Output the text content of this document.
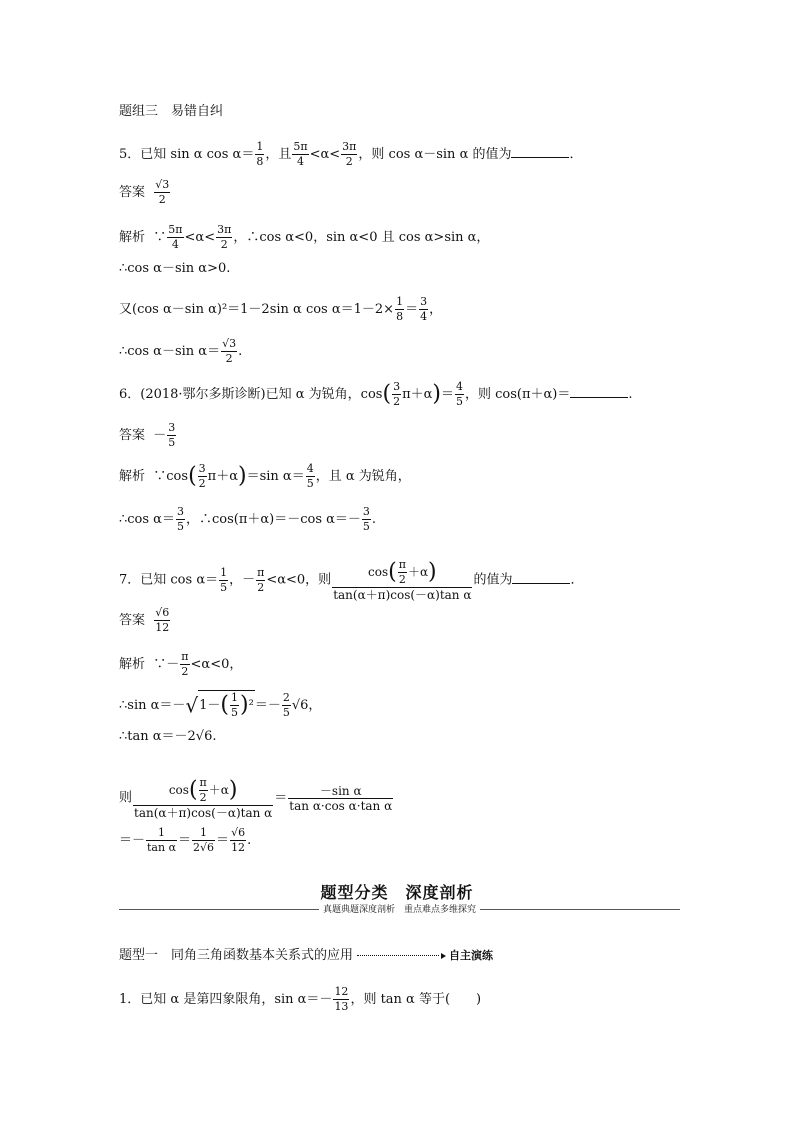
题组三　易错自纠
5．已知 sin α $\cos \alpha= \frac{1}{8}$ ，且 $\frac{5\pi}{4} <\alpha< \frac{3\pi}{2}$ ，则 cos α－sin α 的值为	．
答案 $\frac{√3}{2}$
解析 ∵ $\frac{5\pi}{4} <\alpha< \frac{3\pi}{2}$ ，∴cos α<0，sin α<0 且 cos α>sin α，
∴cos α－sin α>0.
又(cos α－sin α)²＝1－2sin α $\cos \alpha=1-2\times \frac{1}{8} = \frac{3}{4}$ ，
∴cos α－sin $\alpha= \frac{√3}{2}$ .
6．(2018·鄂尔多斯诊断)已知 α 为锐角，$\cos( \frac{3}{2} \pi+\alpha)= \frac{4}{5}$ ，则 cos(π＋α)＝	.
答案 － $\frac{3}{5}$
解析 ∵cos( $\frac{3}{2} \pi+\alpha)=\sin$ $\alpha= \frac{4}{5}$ ，且 α 为锐角，
∴cos $\alpha= \frac{3}{5}$ ，∴cos(π＋α)＝－cos $\alpha=- \frac{3}{5}$ .
7．已知 $\cos \alpha= \frac{1}{5}$ ，－ $\frac{\pi}{2} <\alpha<0$，则 $\frac{\cos( \frac{\pi}{2} +\alpha)}{\text{tan(α＋π)cos(－α)tan α}}$ 的值为	．
答案 $\frac{√6}{12}$
解析 ∵－ $\frac{\pi}{2} <\alpha<0$，
∴sin $\alpha=-√1-( \frac{1}{5} )^2=- \frac{2}{5} √6$，
∴tan α＝－2√6.
则 $\frac{\cos( \frac{\pi}{2} +\alpha)}{\text{tan(α＋π)cos(－α)tan α}} = \frac{\text{－sin α}}{\text{tan α·cos α·tan α}}$
＝－ $\frac{1}{\text{tan α}} = \frac{1}{2√6} = \frac{√6}{12}$ .
题型分类　深度剖析
真题典题深度剖析　重点难点多维探究
题型一　同角三角函数基本关系式的应用	自主演练
1．已知 α 是第四象限角，$\sin \alpha=- \frac{12}{13}$ ，则 tan α 等于(　　)
